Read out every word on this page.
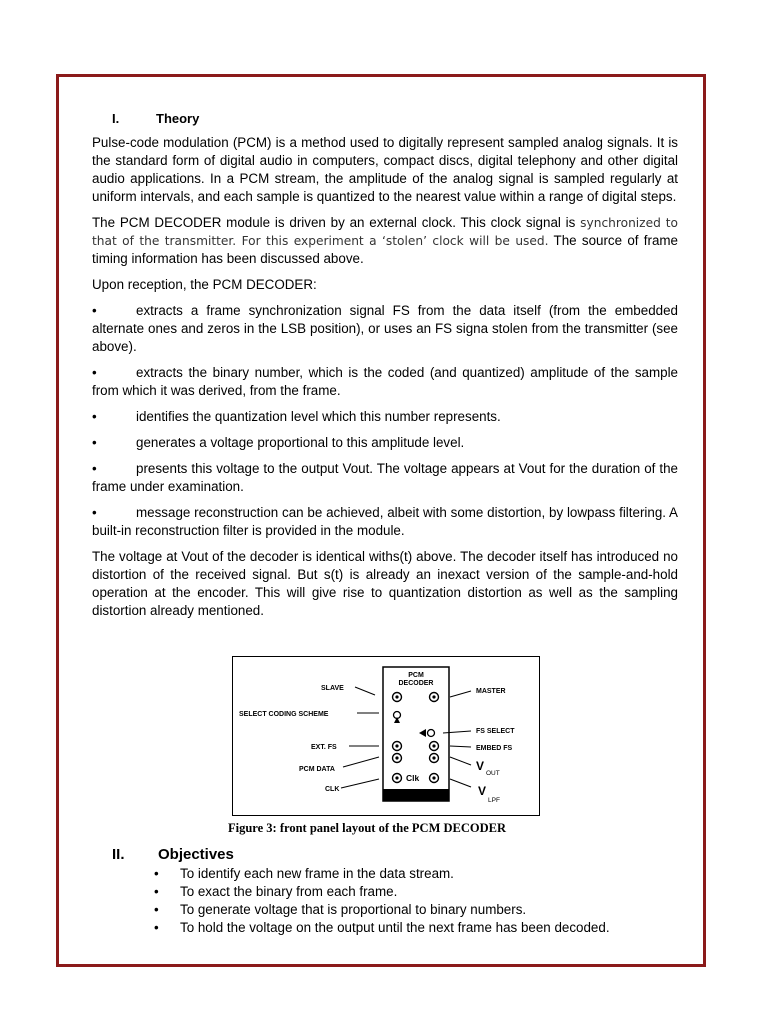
I.	Theory

Pulse-code modulation (PCM) is a method used to digitally represent sampled analog signals. It is the standard form of digital audio in computers, compact discs, digital telephony and other digital audio applications. In a PCM stream, the amplitude of the analog signal is sampled regularly at uniform intervals, and each sample is quantized to the nearest value within a range of digital steps.

The PCM DECODER module is driven by an external clock. This clock signal is synchronized to that of the transmitter. For this experiment a ‘stolen’ clock will be used. The source of frame timing information has been discussed above.

Upon reception, the PCM DECODER:

•	extracts a frame synchronization signal FS from the data itself (from the embedded alternate ones and zeros in the LSB position), or uses an FS signa stolen from the transmitter (see above).
•	extracts the binary number, which is the coded (and quantized) amplitude of the sample from which it was derived, from the frame.
•	identifies the quantization level which this number represents.
•	generates a voltage proportional to this amplitude level.
•	presents this voltage to the output Vout. The voltage appears at Vout for the duration of the frame under examination.
•	message reconstruction can be achieved, albeit with some distortion, by lowpass filtering. A built-in reconstruction filter is provided in the module.

The voltage at Vout of the decoder is identical withs(t) above. The decoder itself has introduced no distortion of the received signal. But s(t) is already an inexact version of the sample-and-hold operation at the encoder. This will give rise to quantization distortion as well as the sampling distortion already mentioned.

PCM
DECODER
Clk
SLAVE
SELECT CODING SCHEME
EXT. FS
PCM DATA
CLK
MASTER
FS SELECT
EMBED FS
V
OUT
V
LPF
Figure 3: front panel layout of the PCM DECODER
II.	Objectives
•	To identify each new frame in the data stream.
•	To exact the binary from each frame.
•	To generate voltage that is proportional to binary numbers.
•	To hold the voltage on the output until the next frame has been decoded.
